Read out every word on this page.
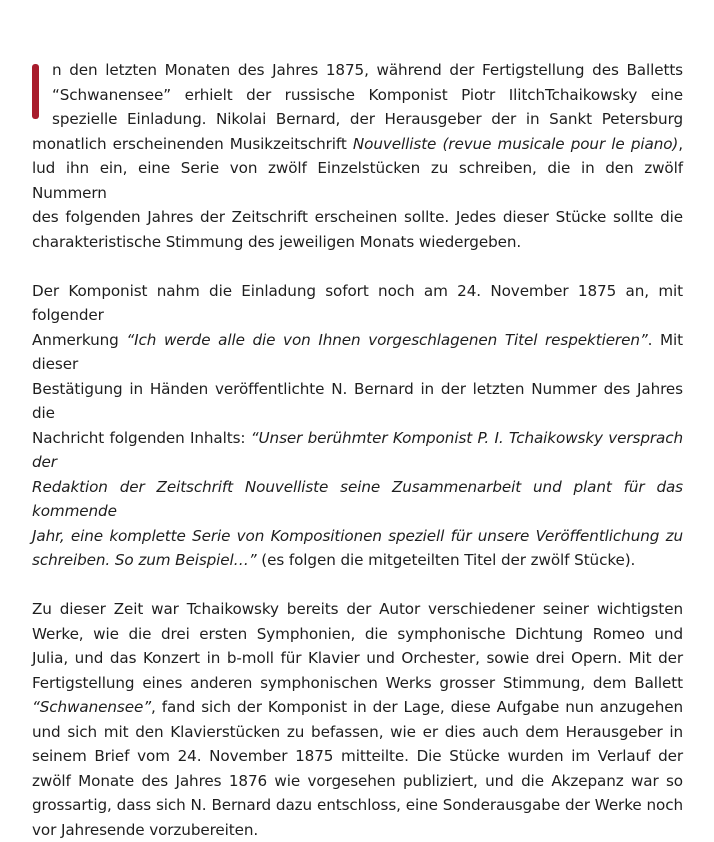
n den letzten Monaten des Jahres 1875, während der Fertigstellung des Balletts
“Schwanensee” erhielt der russische Komponist Piotr IlitchTchaikowsky eine
spezielle Einladung. Nikolai Bernard, der Herausgeber der in Sankt Petersburg
monatlich erscheinenden Musikzeitschrift Nouvelliste (revue musicale pour le piano),
lud ihn ein, eine Serie von zwölf Einzelstücken zu schreiben, die in den zwölf Nummern
des folgenden Jahres der Zeitschrift erscheinen sollte. Jedes dieser Stücke sollte die
charakteristische Stimmung des jeweiligen Monats wiedergeben.
Der Komponist nahm die Einladung sofort noch am 24. November 1875 an, mit folgender
Anmerkung “Ich werde alle die von Ihnen vorgeschlagenen Titel respektieren”. Mit dieser
Bestätigung in Händen veröffentlichte N. Bernard in der letzten Nummer des Jahres die
Nachricht folgenden Inhalts: “Unser berühmter Komponist P. I. Tchaikowsky versprach der
Redaktion der Zeitschrift Nouvelliste seine Zusammenarbeit und plant für das kommende
Jahr, eine komplette Serie von Kompositionen speziell für unsere Veröffentlichung zu
schreiben. So zum Beispiel…” (es folgen die mitgeteilten Titel der zwölf Stücke).
Zu dieser Zeit war Tchaikowsky bereits der Autor verschiedener seiner wichtigsten
Werke, wie die drei ersten Symphonien, die symphonische Dichtung Romeo und
Julia, und das Konzert in b-moll für Klavier und Orchester, sowie drei Opern. Mit der
Fertigstellung eines anderen symphonischen Werks grosser Stimmung, dem Ballett
“Schwanensee”, fand sich der Komponist in der Lage, diese Aufgabe nun anzugehen
und sich mit den Klavierstücken zu befassen, wie er dies auch dem Herausgeber in
seinem Brief vom 24. November 1875 mitteilte. Die Stücke wurden im Verlauf der
zwölf Monate des Jahres 1876 wie vorgesehen publiziert, und die Akzepanz war so
grossartig, dass sich N. Bernard dazu entschloss, eine Sonderausgabe der Werke noch
vor Jahresende vorzubereiten.
